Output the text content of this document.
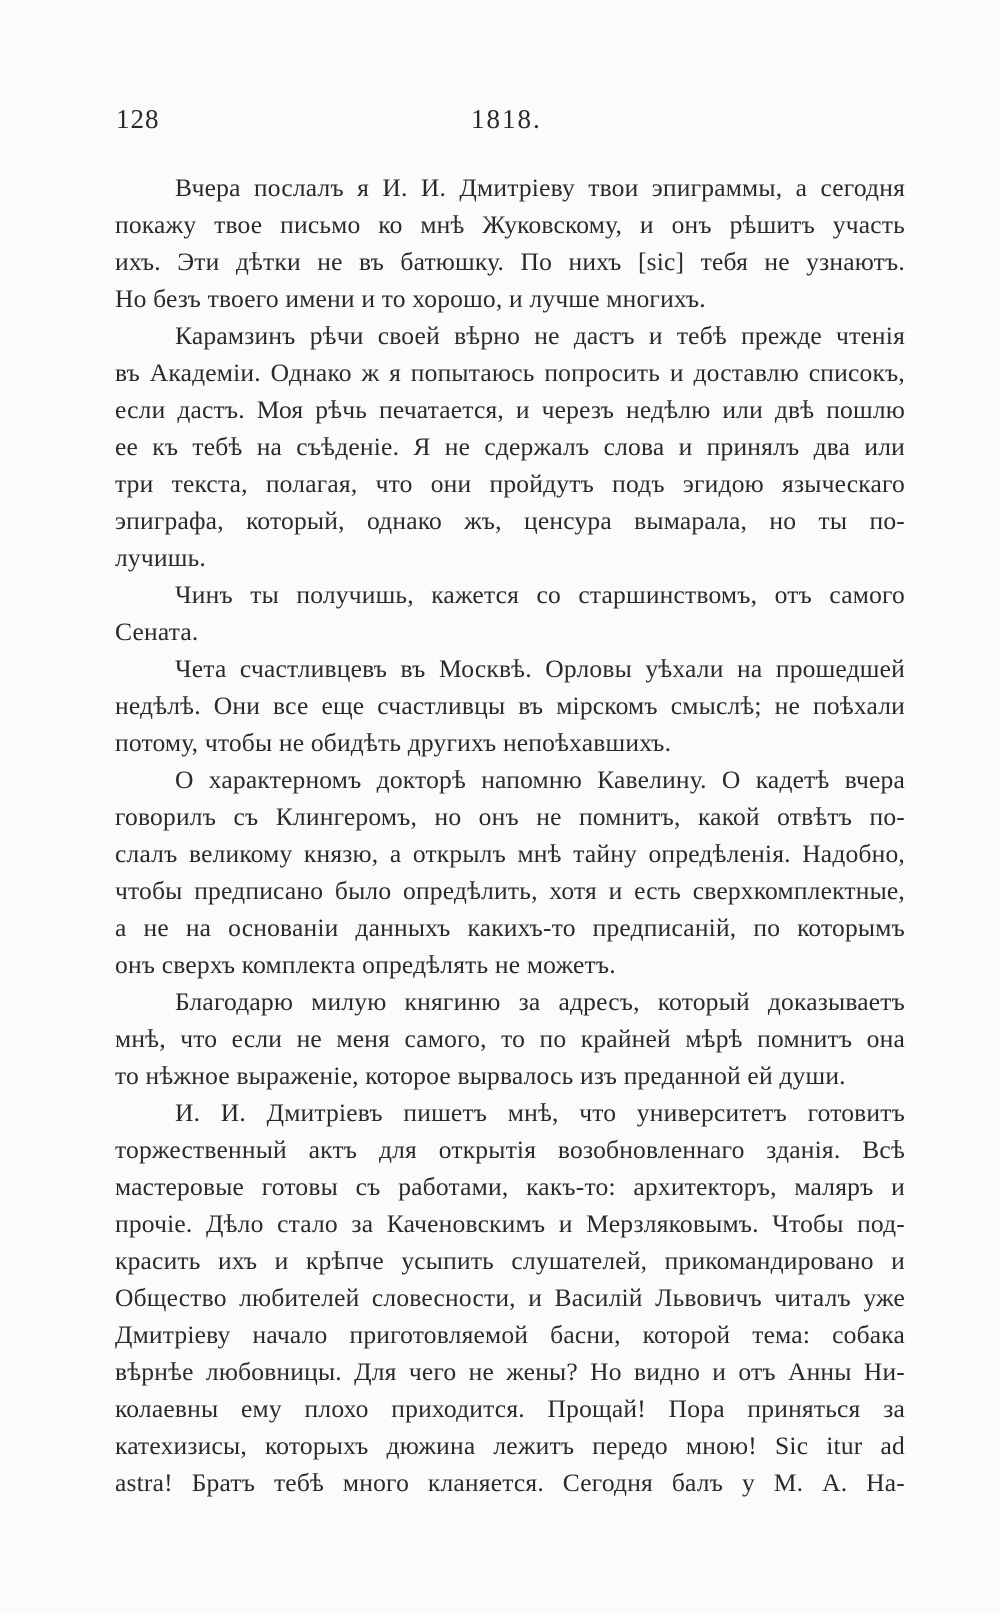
128	1818.
Вчера послалъ я И. И. Дмитріеву твои эпиграммы, а сегодня
покажу твое письмо ко мнѣ Жуковскому, и онъ рѣшитъ участь
ихъ. Эти дѣтки не въ батюшку. По нихъ [sic] тебя не узнаютъ.
Но безъ твоего имени и то хорошо, и лучше многихъ.
Карамзинъ рѣчи своей вѣрно не дастъ и тебѣ прежде чтенія
въ Академіи. Однако ж я попытаюсь попросить и доставлю списокъ,
если дастъ. Моя рѣчь печатается, и черезъ недѣлю или двѣ пошлю
ее къ тебѣ на съѣденіе. Я не сдержалъ слова и принялъ два или
три текста, полагая, что они пройдутъ подъ эгидою языческаго
эпиграфа, который, однако жъ, ценсура вымарала, но ты по-
лучишь.
Чинъ ты получишь, кажется со старшинствомъ, отъ самого
Сената.
Чета счастливцевъ въ Москвѣ. Орловы уѣхали на прошедшей
недѣлѣ. Они все еще счастливцы въ мірскомъ смыслѣ; не поѣхали
потому, чтобы не обидѣть другихъ непоѣхавшихъ.
О характерномъ докторѣ напомню Кавелину. О кадетѣ вчера
говорилъ съ Клингеромъ, но онъ не помнитъ, какой отвѣтъ по-
слалъ великому князю, а открылъ мнѣ тайну опредѣленія. Надобно,
чтобы предписано было опредѣлить, хотя и есть сверхкомплектные,
а не на основаніи данныхъ какихъ-то предписаній, по которымъ
онъ сверхъ комплекта опредѣлять не можетъ.
Благодарю милую княгиню за адресъ, который доказываетъ
мнѣ, что если не меня самого, то по крайней мѣрѣ помнитъ она
то нѣжное выраженіе, которое вырвалось изъ преданной ей души.
И. И. Дмитріевъ пишетъ мнѣ, что университетъ готовитъ
торжественный актъ для открытія возобновленнаго зданія. Всѣ
мастеровые готовы съ работами, какъ-то: архитекторъ, маляръ и
прочіе. Дѣло стало за Каченовскимъ и Мерзляковымъ. Чтобы под-
красить ихъ и крѣпче усыпить слушателей, прикомандировано и
Общество любителей словесности, и Василій Львовичъ читалъ уже
Дмитріеву начало приготовляемой басни, которой тема: собака
вѣрнѣе любовницы. Для чего не жены? Но видно и отъ Анны Ни-
колаевны ему плохо приходится. Прощай! Пора приняться за
катехизисы, которыхъ дюжина лежитъ передо мною! Sic itur ad
astra! Братъ тебѣ много кланяется. Сегодня балъ у М. А. На-
